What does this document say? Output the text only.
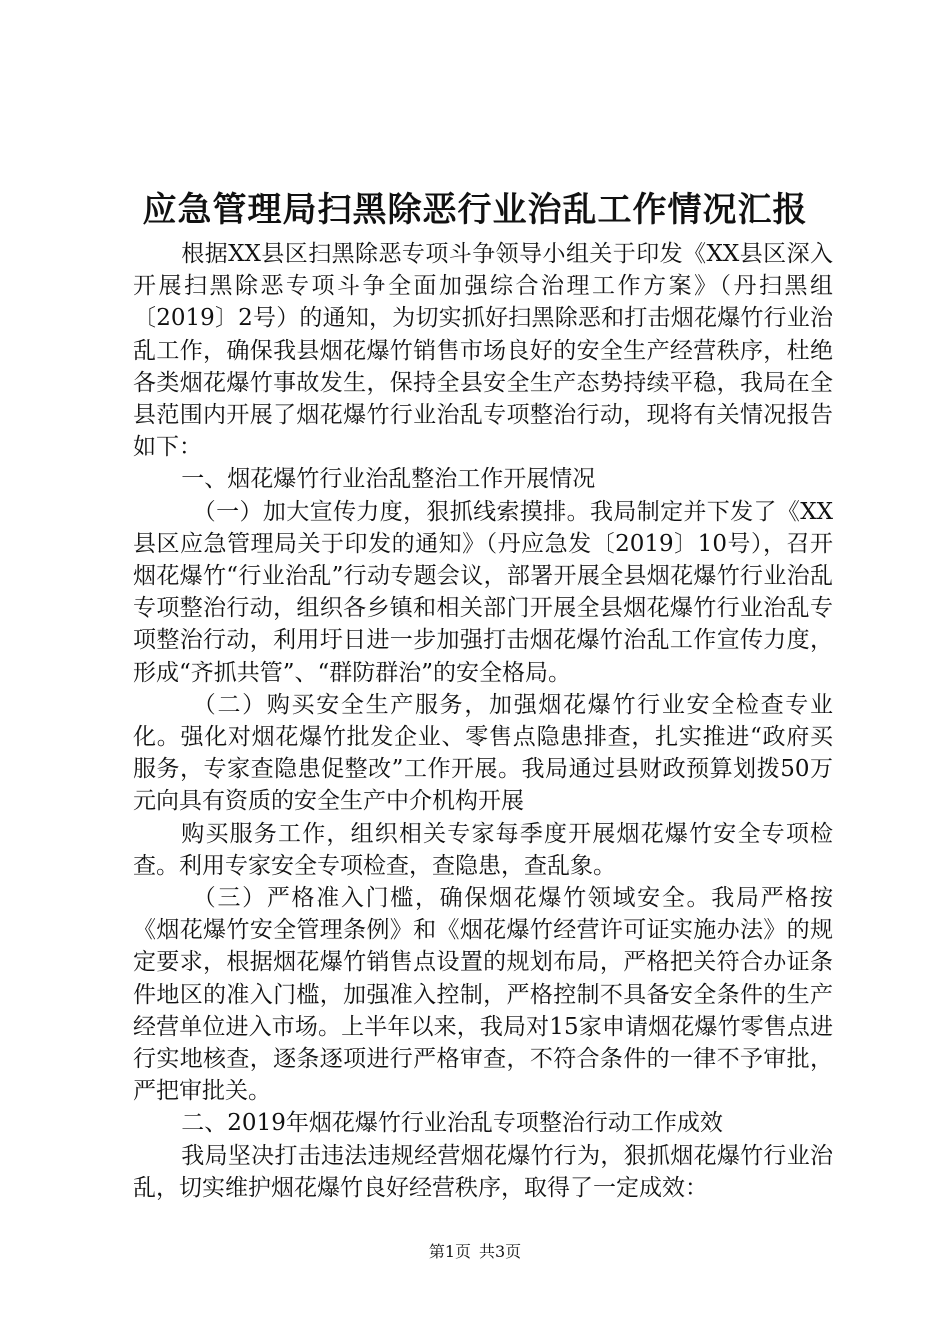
应急管理局扫黑除恶行业治乱工作情况汇报

根据XX县区扫黑除恶专项斗争领导小组关于印发《XX县区深入开展扫黑除恶专项斗争全面加强综合治理工作方案》（丹扫黑组〔2019〕2号）的通知，为切实抓好扫黑除恶和打击烟花爆竹行业治乱工作，确保我县烟花爆竹销售市场良好的安全生产经营秩序，杜绝各类烟花爆竹事故发生，保持全县安全生产态势持续平稳，我局在全县范围内开展了烟花爆竹行业治乱专项整治行动，现将有关情况报告如下：

一、烟花爆竹行业治乱整治工作开展情况

（一）加大宣传力度，狠抓线索摸排。我局制定并下发了《XX县区应急管理局关于印发的通知》（丹应急发〔2019〕10号），召开烟花爆竹“行业治乱”行动专题会议，部署开展全县烟花爆竹行业治乱专项整治行动，组织各乡镇和相关部门开展全县烟花爆竹行业治乱专项整治行动，利用圩日进一步加强打击烟花爆竹治乱工作宣传力度，形成“齐抓共管”、“群防群治”的安全格局。

（二）购买安全生产服务，加强烟花爆竹行业安全检查专业化。强化对烟花爆竹批发企业、零售点隐患排查，扎实推进“政府买服务，专家查隐患促整改”工作开展。我局通过县财政预算划拨50万元向具有资质的安全生产中介机构开展

购买服务工作，组织相关专家每季度开展烟花爆竹安全专项检查。利用专家安全专项检查，查隐患，查乱象。

（三）严格准入门槛，确保烟花爆竹领域安全。我局严格按《烟花爆竹安全管理条例》和《烟花爆竹经营许可证实施办法》的规定要求，根据烟花爆竹销售点设置的规划布局，严格把关符合办证条件地区的准入门槛，加强准入控制，严格控制不具备安全条件的生产经营单位进入市场。上半年以来，我局对15家申请烟花爆竹零售点进行实地核查，逐条逐项进行严格审查，不符合条件的一律不予审批，严把审批关。

二、2019年烟花爆竹行业治乱专项整治行动工作成效

我局坚决打击违法违规经营烟花爆竹行为，狠抓烟花爆竹行业治乱，切实维护烟花爆竹良好经营秩序，取得了一定成效：

第1页 共3页
